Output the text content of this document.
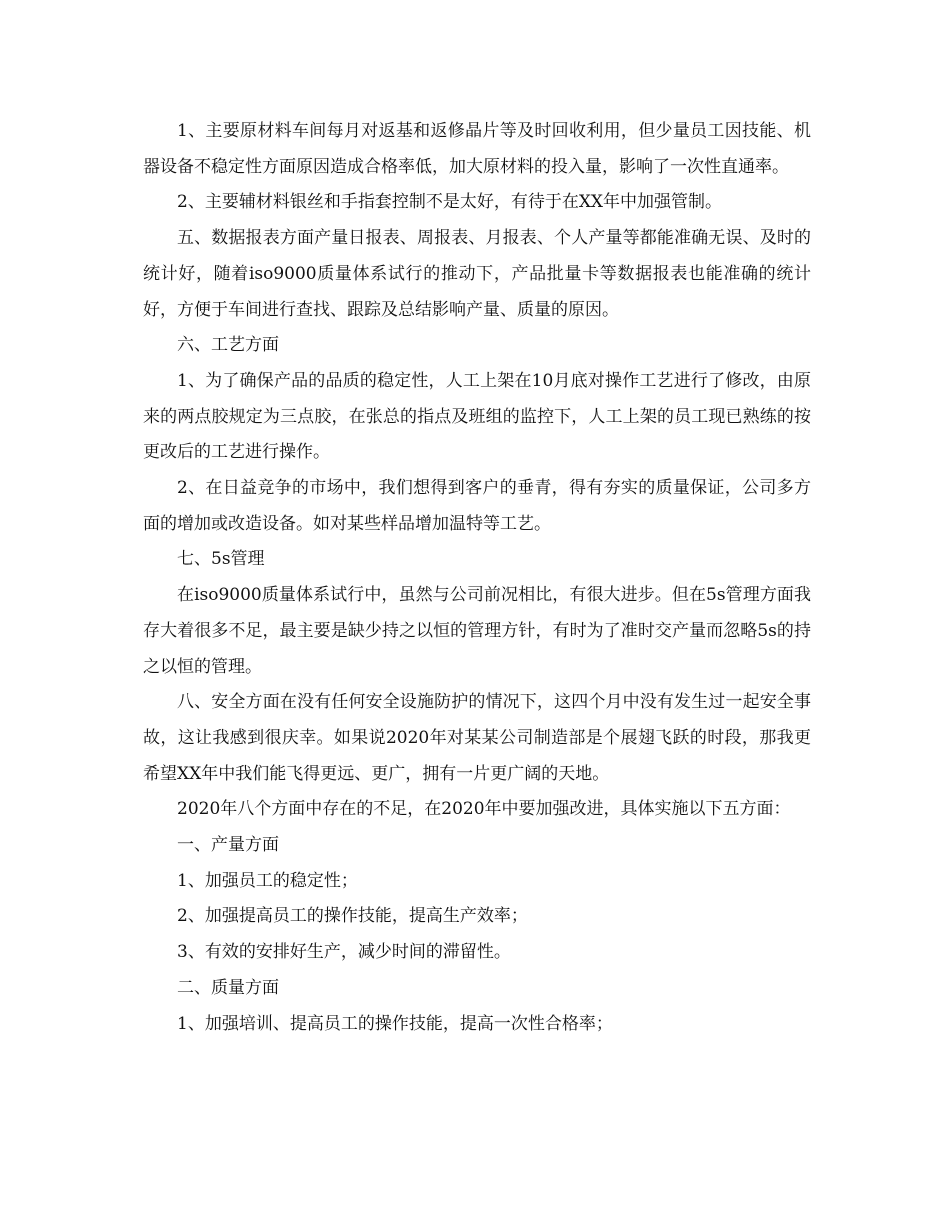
1、主要原材料车间每月对返基和返修晶片等及时回收利用，但少量员工因技能、机器设备不稳定性方面原因造成合格率低，加大原材料的投入量，影响了一次性直通率。

2、主要辅材料银丝和手指套控制不是太好，有待于在XX年中加强管制。

五、数据报表方面产量日报表、周报表、月报表、个人产量等都能准确无误、及时的统计好，随着iso9000质量体系试行的推动下，产品批量卡等数据报表也能准确的统计好，方便于车间进行查找、跟踪及总结影响产量、质量的原因。

六、工艺方面

1、为了确保产品的品质的稳定性，人工上架在10月底对操作工艺进行了修改，由原来的两点胶规定为三点胶，在张总的指点及班组的监控下，人工上架的员工现已熟练的按更改后的工艺进行操作。

2、在日益竞争的市场中，我们想得到客户的垂青，得有夯实的质量保证，公司多方面的增加或改造设备。如对某些样品增加温特等工艺。

七、5s管理

在iso9000质量体系试行中，虽然与公司前况相比，有很大进步。但在5s管理方面我存大着很多不足，最主要是缺少持之以恒的管理方针，有时为了准时交产量而忽略5s的持之以恒的管理。

八、安全方面在没有任何安全设施防护的情况下，这四个月中没有发生过一起安全事故，这让我感到很庆幸。如果说2020年对某某公司制造部是个展翅飞跃的时段，那我更希望XX年中我们能飞得更远、更广，拥有一片更广阔的天地。

2020年八个方面中存在的不足，在2020年中要加强改进，具体实施以下五方面：

一、产量方面

1、加强员工的稳定性；

2、加强提高员工的操作技能，提高生产效率；

3、有效的安排好生产，减少时间的滞留性。

二、质量方面

1、加强培训、提高员工的操作技能，提高一次性合格率；
